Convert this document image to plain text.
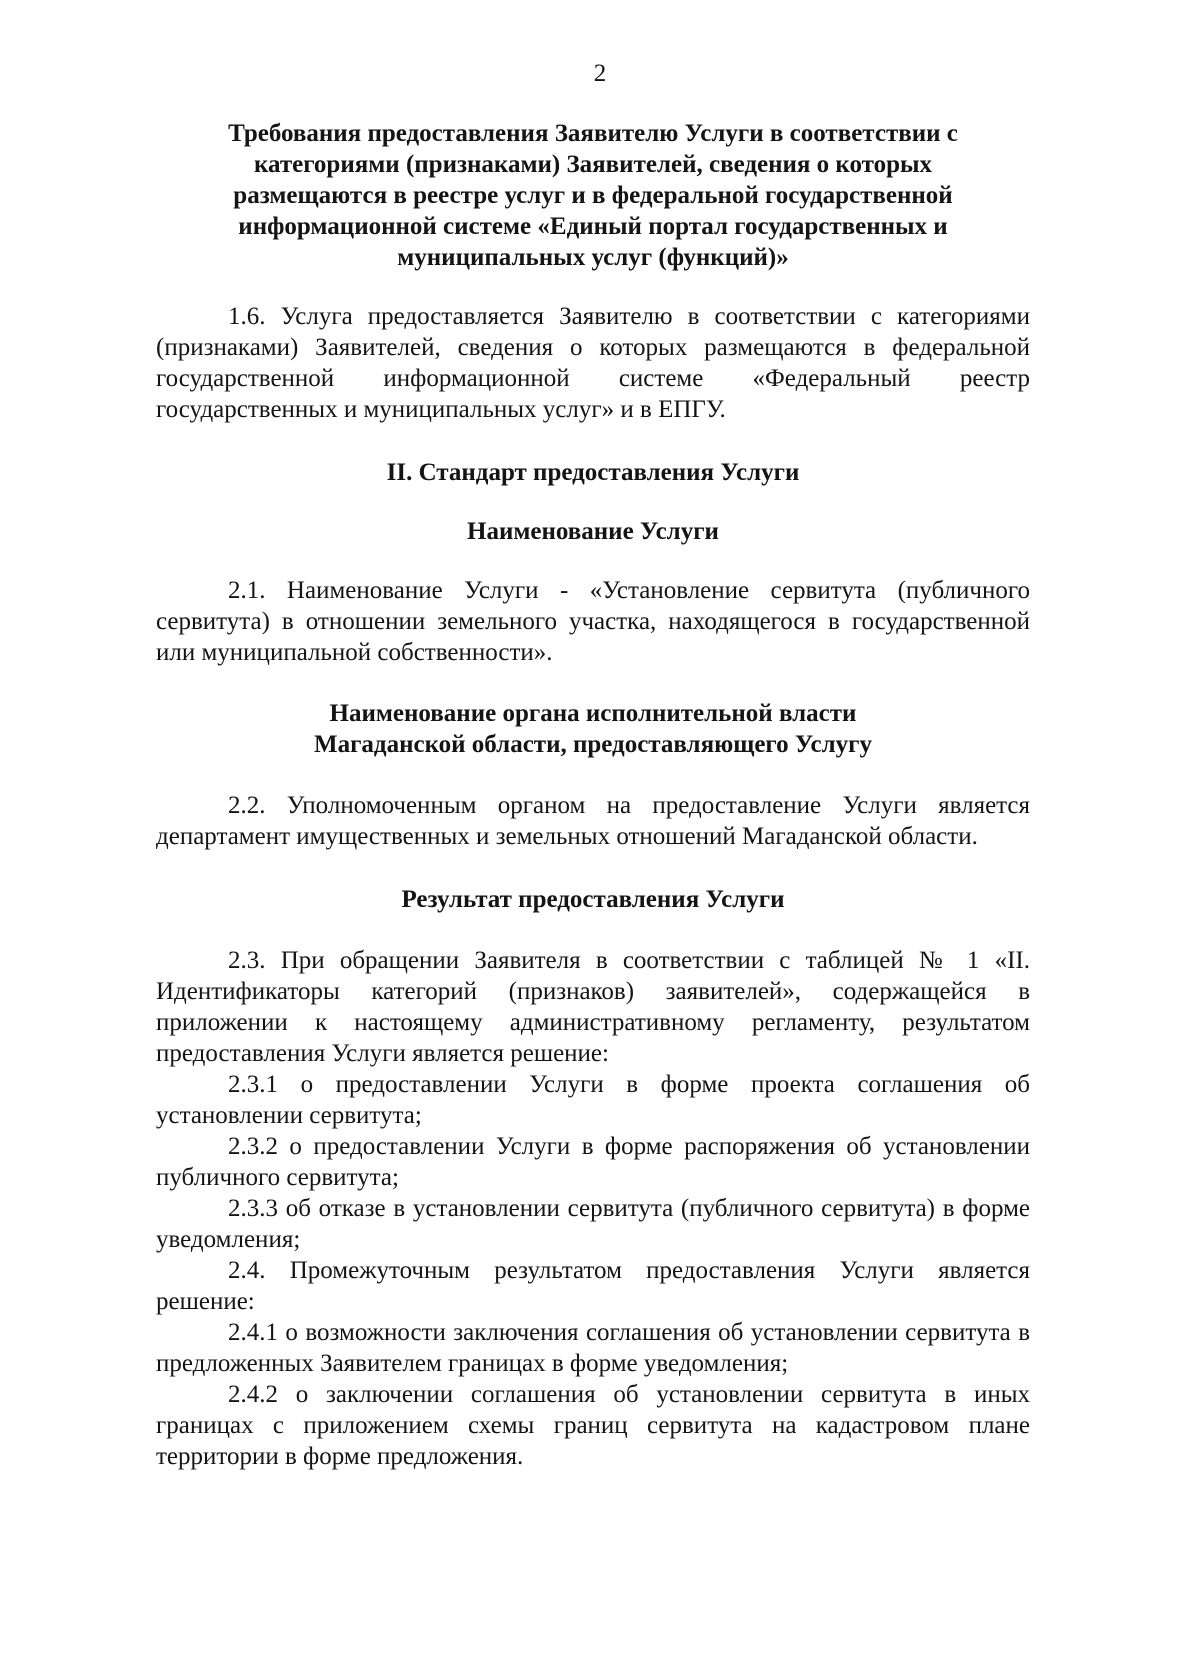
2
Требования предоставления Заявителю Услуги в соответствии с
категориями (признаками) Заявителей, сведения о которых
размещаются в реестре услуг и в федеральной государственной
информационной системе «Единый портал государственных и
муниципальных услуг (функций)»

1.6. Услуга предоставляется Заявителю в соответствии с категориями (признаками) Заявителей, сведения о которых размещаются в федеральной государственной информационной системе «Федеральный реестр государственных и муниципальных услуг» и в ЕПГУ.

II. Стандарт предоставления Услуги
Наименование Услуги

2.1. Наименование Услуги - «Установление сервитута (публичного сервитута) в отношении земельного участка, находящегося в государственной или муниципальной собственности».

Наименование органа исполнительной власти
Магаданской области, предоставляющего Услугу

2.2. Уполномоченным органом на предоставление Услуги является департамент имущественных и земельных отношений Магаданской области.

Результат предоставления Услуги

2.3. При обращении Заявителя в соответствии с таблицей № 1 «II. Идентификаторы категорий (признаков) заявителей», содержащейся в приложении к настоящему административному регламенту, результатом предоставления Услуги является решение:

2.3.1 о предоставлении Услуги в форме проекта соглашения об установлении сервитута;

2.3.2 о предоставлении Услуги в форме распоряжения об установлении публичного сервитута;

2.3.3 об отказе в установлении сервитута (публичного сервитута) в форме уведомления;

2.4. Промежуточным результатом предоставления Услуги является решение:

2.4.1 о возможности заключения соглашения об установлении сервитута в предложенных Заявителем границах в форме уведомления;

2.4.2 о заключении соглашения об установлении сервитута в иных границах с приложением схемы границ сервитута на кадастровом плане территории в форме предложения.
